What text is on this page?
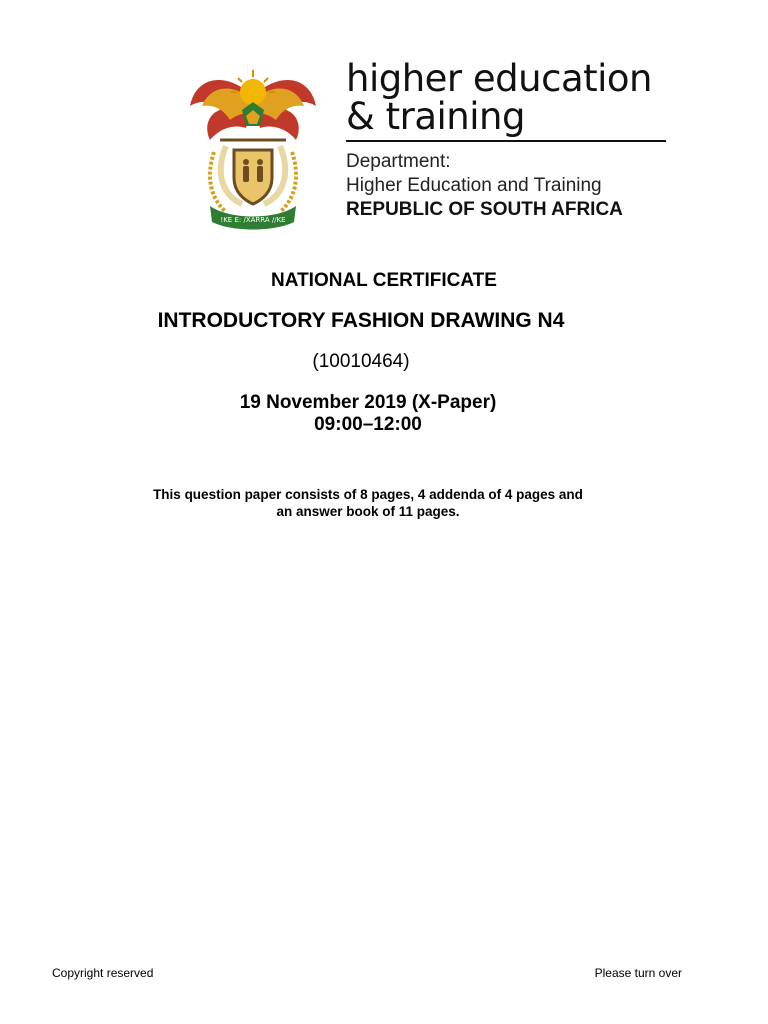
!KE E: /XARRA //KE
higher education
& training
Department:
Higher Education and Training
REPUBLIC OF SOUTH AFRICA
NATIONAL CERTIFICATE
INTRODUCTORY FASHION DRAWING N4
(10010464)
19 November 2019 (X-Paper)
09:00–12:00
This question paper consists of 8 pages, 4 addenda of 4 pages and
an answer book of 11 pages.
Copyright reserved	Please turn over
